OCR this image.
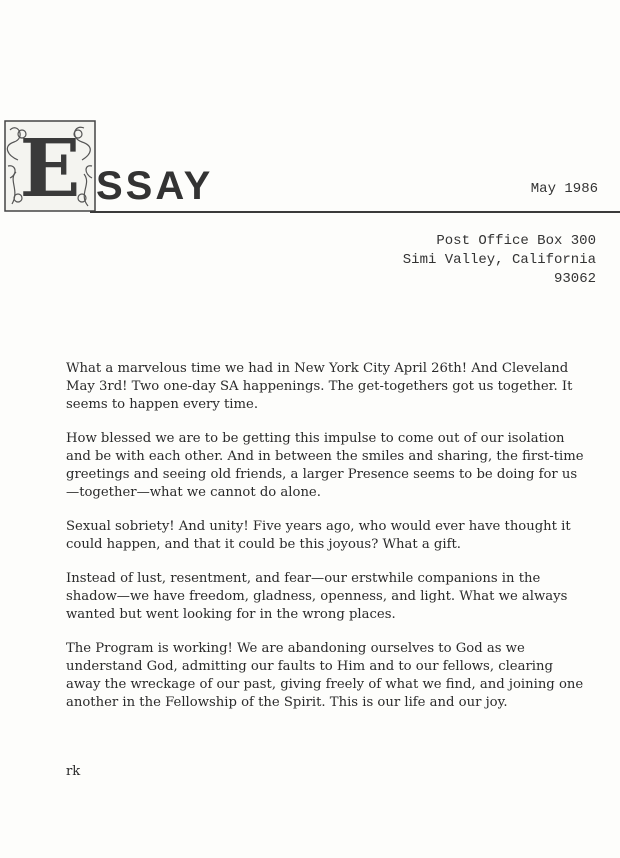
E SSAY	May 1986
Post Office Box 300
Simi Valley, California
93062

What a marvelous time we had in New York City April 26th! And Cleveland May 3rd! Two one-day SA happenings. The get-togethers got us together. It seems to happen every time.

How blessed we are to be getting this impulse to come out of our isolation and be with each other. And in between the smiles and sharing, the first-time greetings and seeing old friends, a larger Presence seems to be doing for us—together—what we cannot do alone.

Sexual sobriety! And unity! Five years ago, who would ever have thought it could happen, and that it could be this joyous? What a gift.

Instead of lust, resentment, and fear—our erstwhile companions in the shadow—we have freedom, gladness, openness, and light. What we always wanted but went looking for in the wrong places.

The Program is working! We are abandoning ourselves to God as we understand God, admitting our faults to Him and to our fellows, clearing away the wreckage of our past, giving freely of what we find, and joining one another in the Fellowship of the Spirit. This is our life and our joy.

rk
